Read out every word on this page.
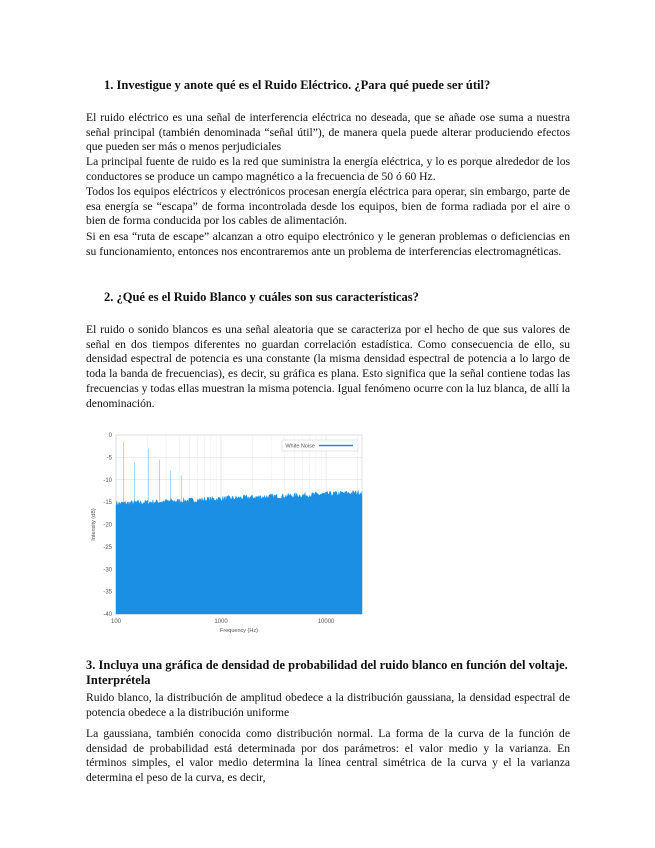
1. Investigue y anote qué es el Ruido Eléctrico. ¿Para qué puede ser útil?

El ruido eléctrico es una señal de interferencia eléctrica no deseada, que se añade ose suma a nuestra señal principal (también denominada “señal útil”), de manera quela puede alterar produciendo efectos que pueden ser más o menos perjudiciales

La principal fuente de ruido es la red que suministra la energía eléctrica, y lo es porque alrededor de los conductores se produce un campo magnético a la frecuencia de 50 ó 60 Hz.

Todos los equipos eléctricos y electrónicos procesan energía eléctrica para operar, sin embargo, parte de esa energía se “escapa” de forma incontrolada desde los equipos, bien de forma radiada por el aire o bien de forma conducida por los cables de alimentación.

Si en esa “ruta de escape” alcanzan a otro equipo electrónico y le generan problemas o deficiencias en su funcionamiento, entonces nos encontraremos ante un problema de interferencias electromagnéticas.

2. ¿Qué es el Ruido Blanco y cuáles son sus características?

El ruido o sonido blancos es una señal aleatoria que se caracteriza por el hecho de que sus valores de señal en dos tiempos diferentes no guardan correlación estadística. Como consecuencia de ello, su densidad espectral de potencia es una constante (la misma densidad espectral de potencia a lo largo de toda la banda de frecuencias), es decir, su gráfica es plana. Esto significa que la señal contiene todas las frecuencias y todas ellas muestran la misma potencia. Igual fenómeno ocurre con la luz blanca, de allí la denominación.

0
-5
-10
-15
-20
-25
-30
-35
-40
100	1000	10000
White Noise
Frequency (Hz)
Intensity (dB)
3. Incluya una gráfica de densidad de probabilidad del ruido blanco en función del voltaje. Interprétela

Ruido blanco, la distribución de amplitud obedece a la distribución gaussiana, la densidad espectral de potencia obedece a la distribución uniforme

La gaussiana, también conocida como distribución normal. La forma de la curva de la función de densidad de probabilidad está determinada por dos parámetros: el valor medio y la varianza. En términos simples, el valor medio determina la línea central simétrica de la curva y el la varianza determina el peso de la curva, es decir,
